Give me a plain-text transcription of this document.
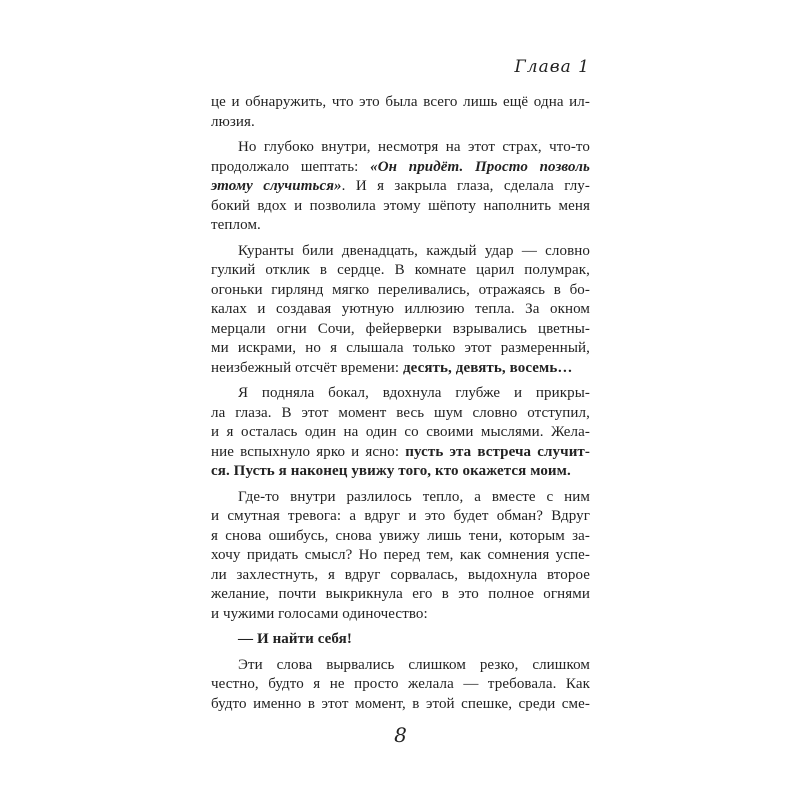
Глава 1
це и обнаружить, что это была всего лишь ещё одна ил-
люзия.
Но глубоко внутри, несмотря на этот страх, что-то
продолжало шептать: «Он придёт. Просто позволь
этому случиться». И я закрыла глаза, сделала глу-
бокий вдох и позволила этому шёпоту наполнить меня
теплом.
Куранты били двенадцать, каждый удар — словно
гулкий отклик в сердце. В комнате царил полумрак,
огоньки гирлянд мягко переливались, отражаясь в бо-
калах и создавая уютную иллюзию тепла. За окном
мерцали огни Сочи, фейерверки взрывались цветны-
ми искрами, но я слышала только этот размеренный,
неизбежный отсчёт времени: десять, девять, восемь…
Я подняла бокал, вдохнула глубже и прикры-
ла глаза. В этот момент весь шум словно отступил,
и я осталась один на один со своими мыслями. Жела-
ние вспыхнуло ярко и ясно: пусть эта встреча случит-
ся. Пусть я наконец увижу того, кто окажется моим.
Где-то внутри разлилось тепло, а вместе с ним
и смутная тревога: а вдруг и это будет обман? Вдруг
я снова ошибусь, снова увижу лишь тени, которым за-
хочу придать смысл? Но перед тем, как сомнения успе-
ли захлестнуть, я вдруг сорвалась, выдохнула второе
желание, почти выкрикнула его в это полное огнями
и чужими голосами одиночество:
— И найти себя!
Эти слова вырвались слишком резко, слишком
честно, будто я не просто желала — требовала. Как
будто именно в этот момент, в этой спешке, среди сме-
8
